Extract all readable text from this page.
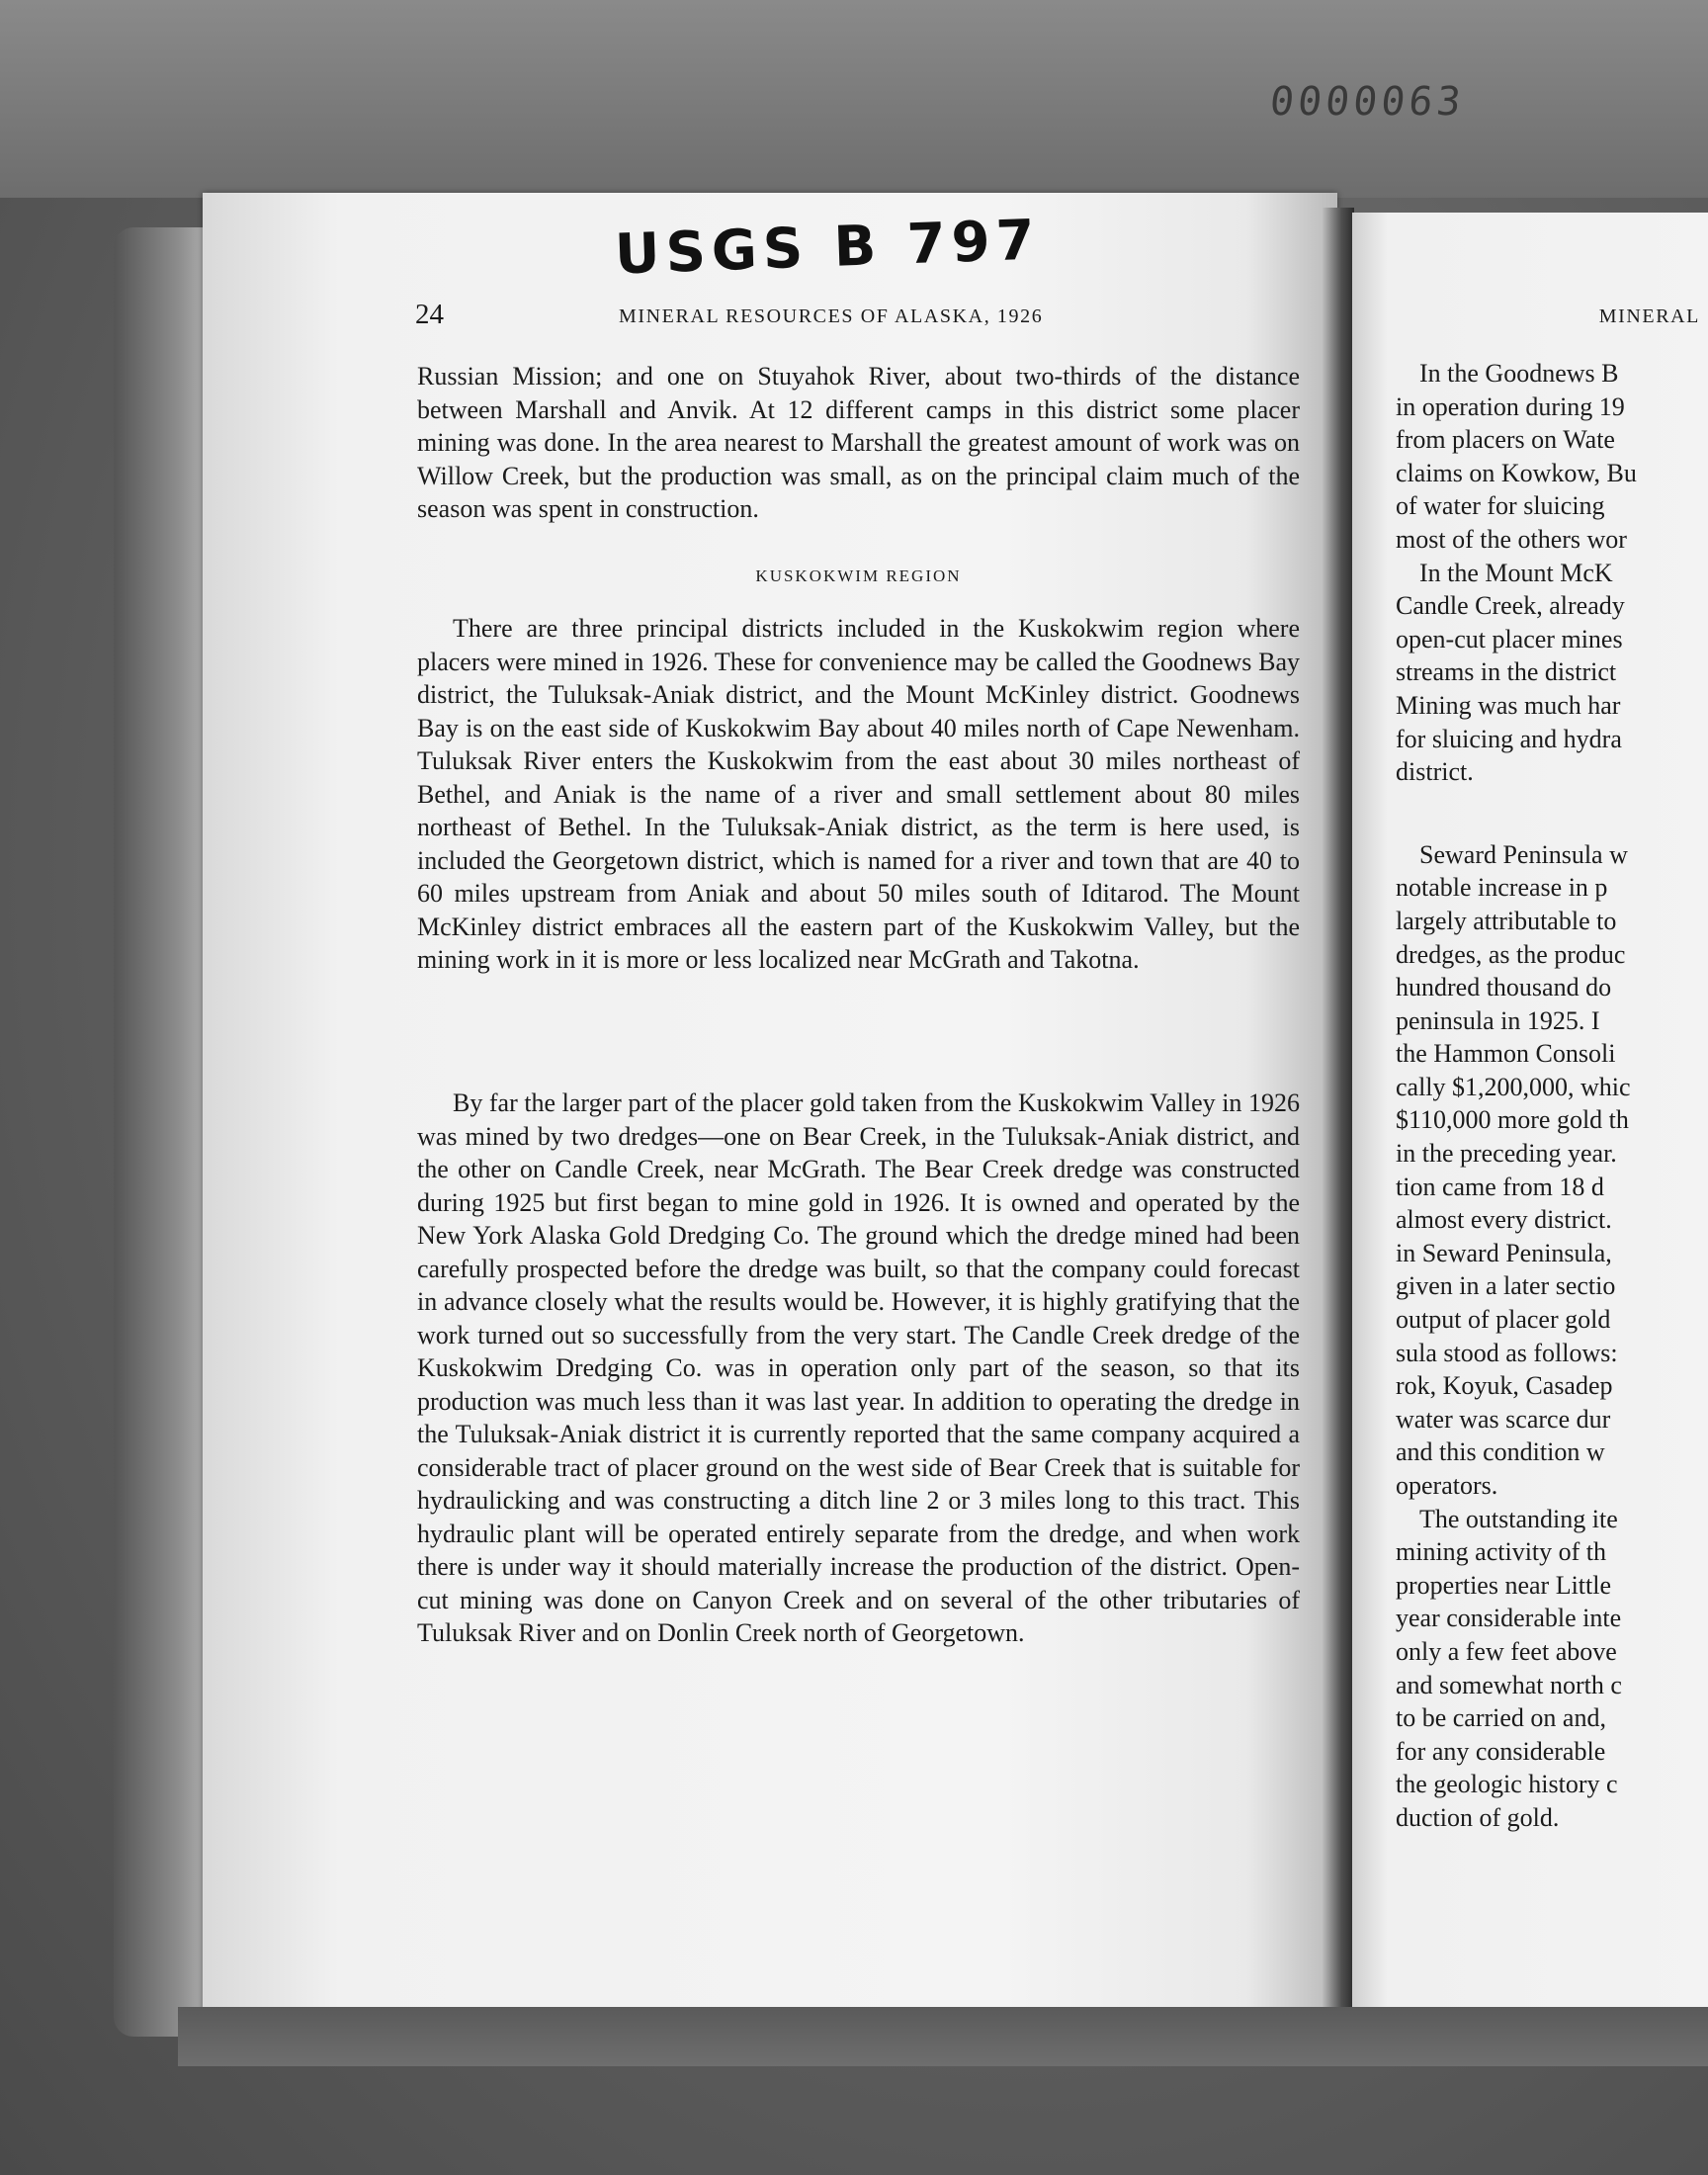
0000063
MINERAL
In the Goodnews B
in operation during 19
from placers on Wate
claims on Kowkow, Bu
of water for sluicing
most of the others wor
In the Mount McK
Candle Creek, already
open-cut placer mines
streams in the district
Mining was much har
for sluicing and hydra
district.
Seward Peninsula w
notable increase in p
largely attributable to
dredges, as the produc
hundred thousand do
peninsula in 1925. I
the Hammon Consoli
cally $1,200,000, whic
$110,000 more gold th
in the preceding year.
tion came from 18 d
almost every district.
in Seward Peninsula,
given in a later sectio
output of placer gold
sula stood as follows:
rok, Koyuk, Casadep
water was scarce dur
and this condition w
operators.
The outstanding ite
mining activity of th
properties near Little
year considerable inte
only a few feet above
and somewhat north c
to be carried on and,
for any considerable
the geologic history c
duction of gold.
USGS B 797
24	MINERAL RESOURCES OF ALASKA, 1926

Russian Mission; and one on Stuyahok River, about two-thirds of the distance between Marshall and Anvik. At 12 different camps in this district some placer mining was done. In the area nearest to Marshall the greatest amount of work was on Willow Creek, but the production was small, as on the principal claim much of the season was spent in construction.

KUSKOKWIM REGION

There are three principal districts included in the Kuskokwim region where placers were mined in 1926. These for convenience may be called the Goodnews Bay district, the Tuluksak-Aniak district, and the Mount McKinley district. Goodnews Bay is on the east side of Kuskokwim Bay about 40 miles north of Cape Newenham. Tuluksak River enters the Kuskokwim from the east about 30 miles northeast of Bethel, and Aniak is the name of a river and small settlement about 80 miles northeast of Bethel. In the Tuluksak-Aniak district, as the term is here used, is included the Georgetown district, which is named for a river and town that are 40 to 60 miles upstream from Aniak and about 50 miles south of Iditarod. The Mount McKinley district embraces all the eastern part of the Kuskokwim Valley, but the mining work in it is more or less localized near McGrath and Takotna.

By far the larger part of the placer gold taken from the Kuskokwim Valley in 1926 was mined by two dredges—one on Bear Creek, in the Tuluksak-Aniak district, and the other on Candle Creek, near McGrath. The Bear Creek dredge was constructed during 1925 but first began to mine gold in 1926. It is owned and operated by the New York Alaska Gold Dredging Co. The ground which the dredge mined had been carefully prospected before the dredge was built, so that the company could forecast in advance closely what the results would be. However, it is highly gratifying that the work turned out so successfully from the very start. The Candle Creek dredge of the Kuskokwim Dredging Co. was in operation only part of the season, so that its production was much less than it was last year. In addition to operating the dredge in the Tuluksak-Aniak district it is currently reported that the same company acquired a considerable tract of placer ground on the west side of Bear Creek that is suitable for hydraulicking and was constructing a ditch line 2 or 3 miles long to this tract. This hydraulic plant will be operated entirely separate from the dredge, and when work there is under way it should materially increase the production of the district. Open-cut mining was done on Canyon Creek and on several of the other tributaries of Tuluksak River and on Donlin Creek north of Georgetown.
